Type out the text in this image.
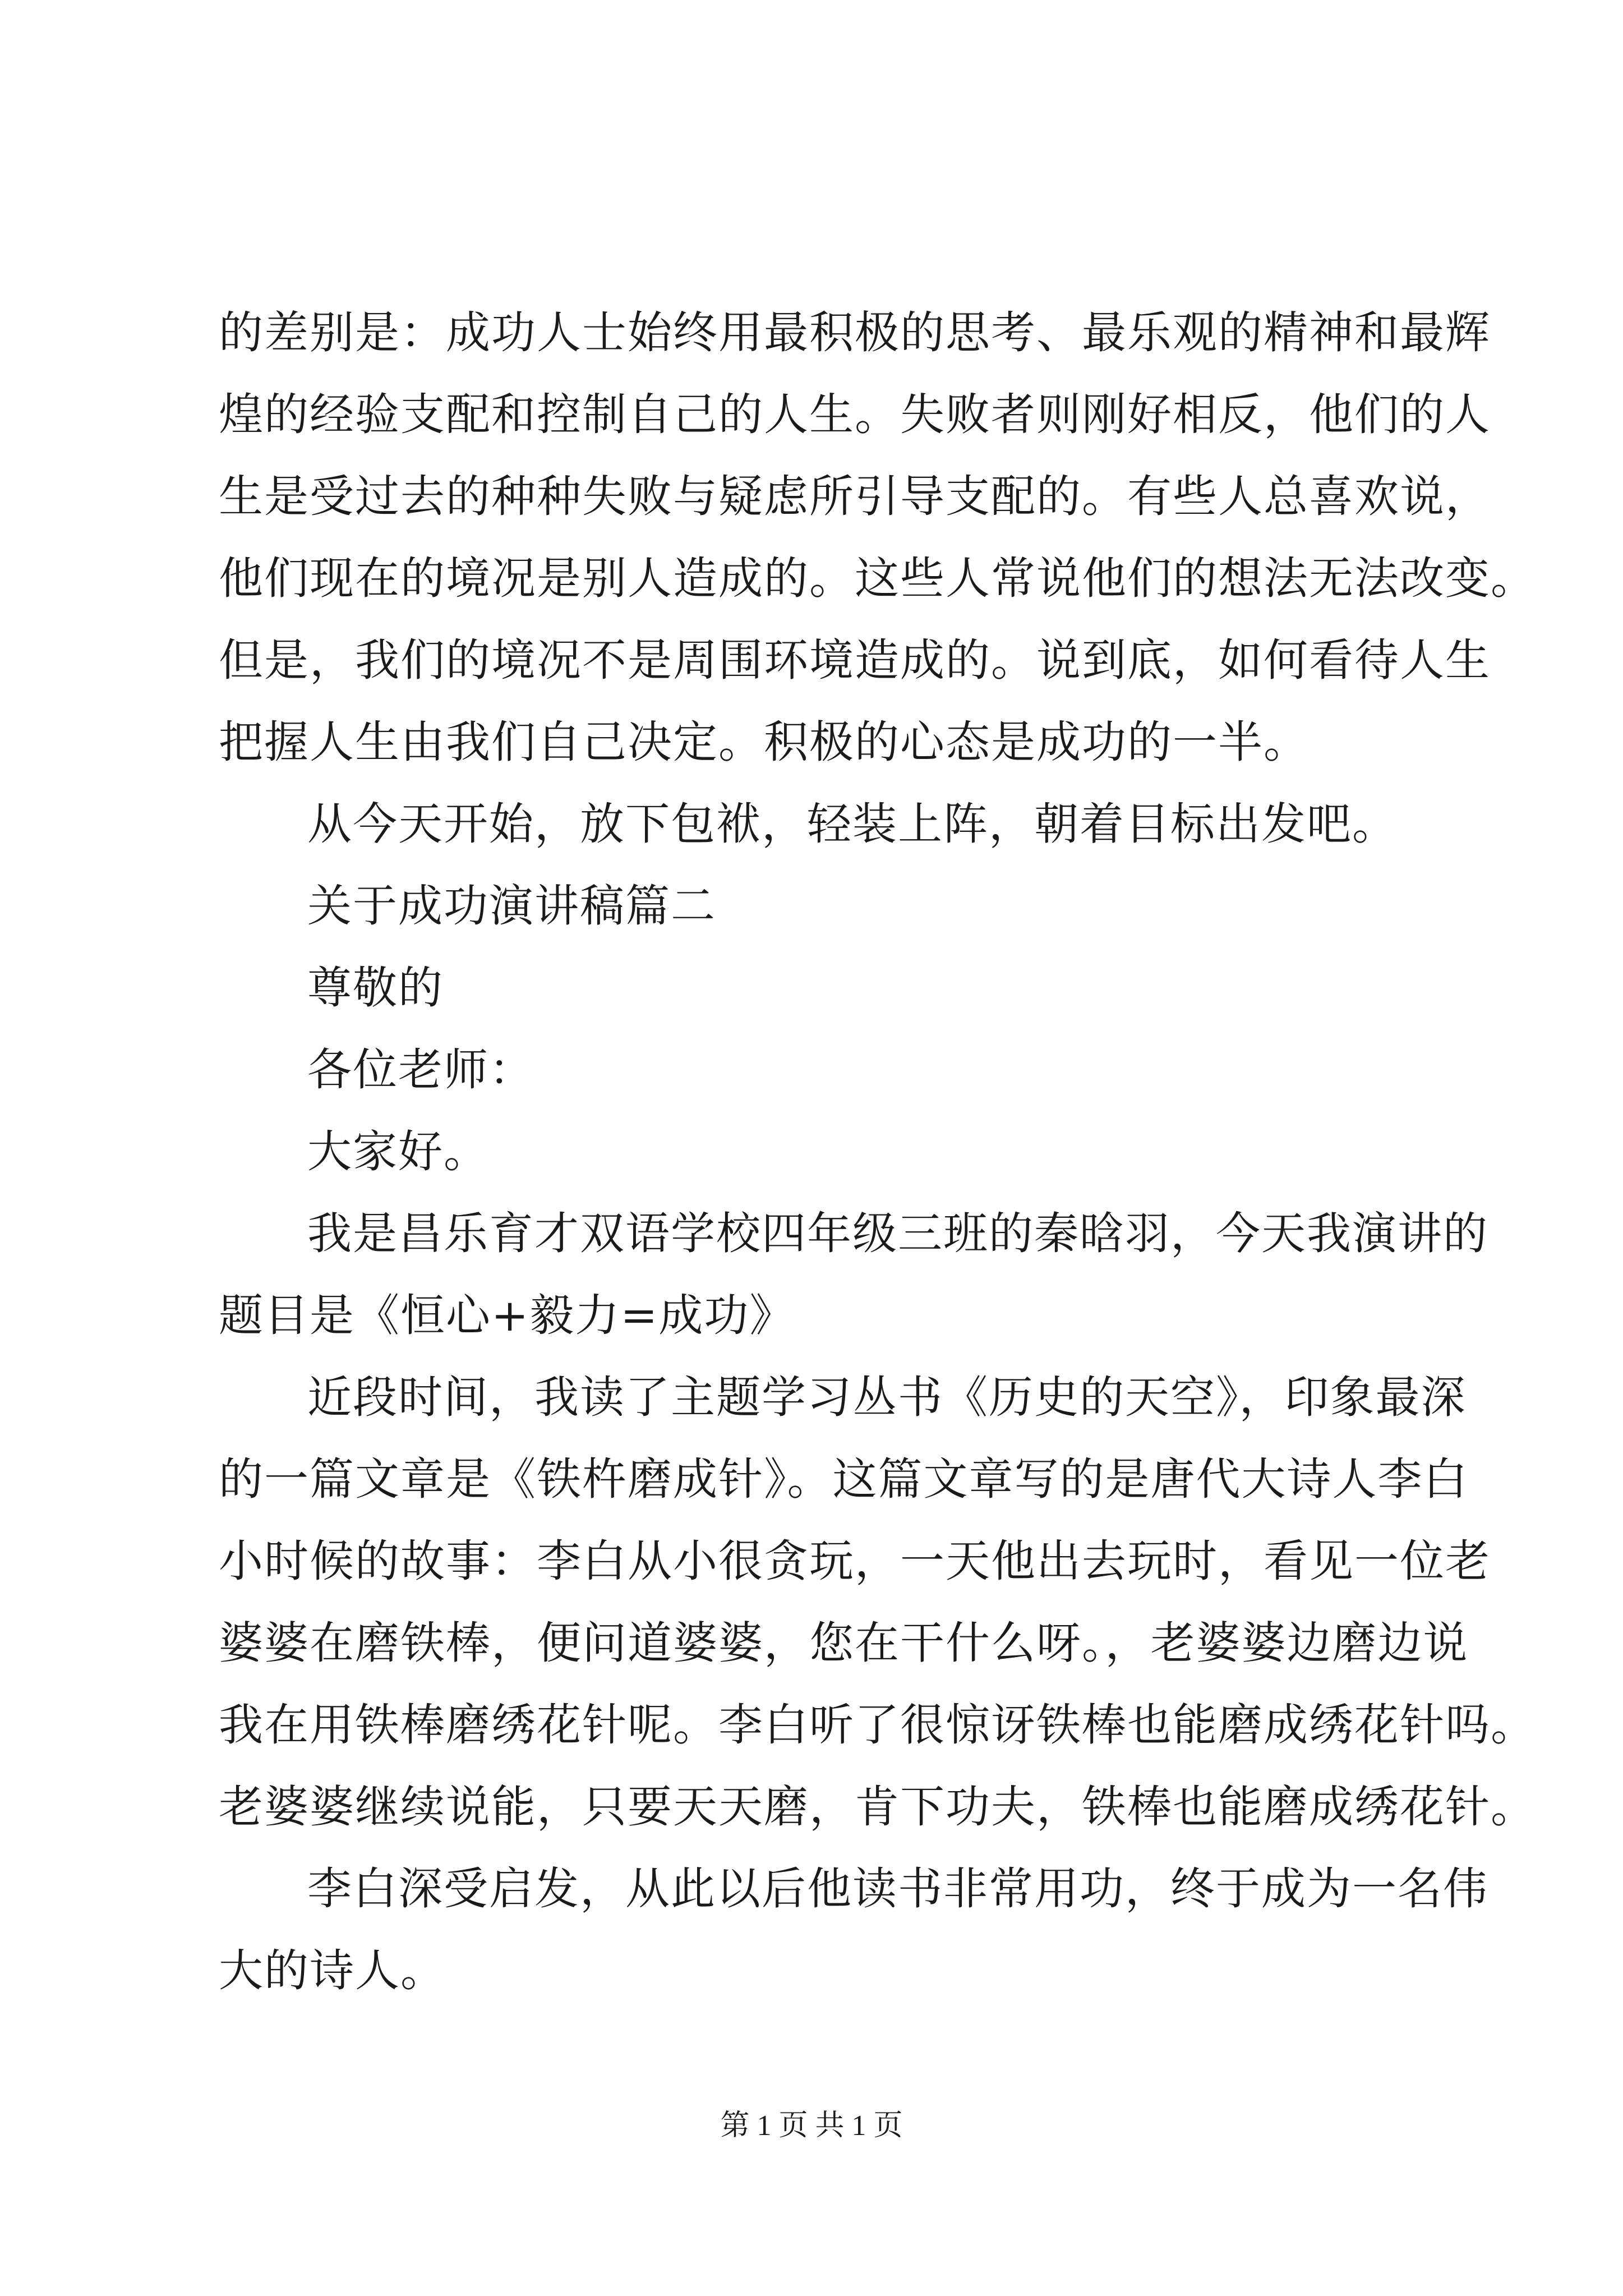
的差别是：成功人士始终用最积极的思考、最乐观的精神和最辉
煌的经验支配和控制自己的人生。失败者则刚好相反，他们的人
生是受过去的种种失败与疑虑所引导支配的。有些人总喜欢说，
他们现在的境况是别人造成的。这些人常说他们的想法无法改变。
但是，我们的境况不是周围环境造成的。说到底，如何看待人生
把握人生由我们自己决定。积极的心态是成功的一半。
从今天开始，放下包袱，轻装上阵，朝着目标出发吧。
关于成功演讲稿篇二
尊敬的
各位老师：
大家好。
我是昌乐育才双语学校四年级三班的秦晗羽，今天我演讲的
题目是《恒心+毅力=成功》
近段时间，我读了主题学习丛书《历史的天空》，印象最深
的一篇文章是《铁杵磨成针》。这篇文章写的是唐代大诗人李白
小时候的故事：李白从小很贪玩，一天他出去玩时，看见一位老
婆婆在磨铁棒，便问道婆婆，您在干什么呀。，老婆婆边磨边说
我在用铁棒磨绣花针呢。李白听了很惊讶铁棒也能磨成绣花针吗。
老婆婆继续说能，只要天天磨，肯下功夫，铁棒也能磨成绣花针。
李白深受启发，从此以后他读书非常用功，终于成为一名伟
大的诗人。
第 1 页 共 1 页
